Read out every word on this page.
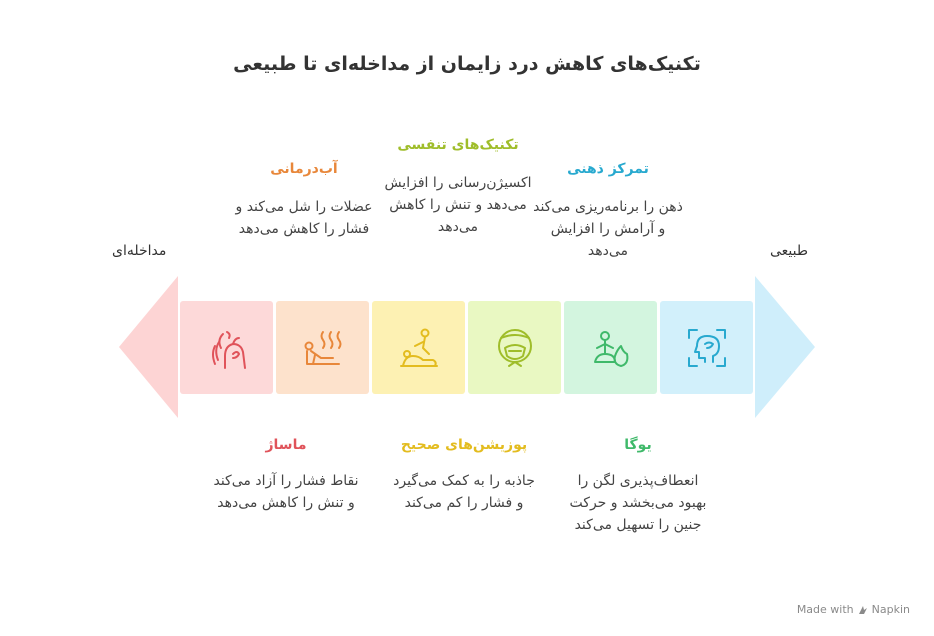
تکنیک‌های کاهش درد زایمان از مداخله‌ای تا طبیعی
مداخله‌ای	طبیعی
تکنیک‌های تنفسی
اکسیژن‌رسانی را افزایش می‌دهد و تنش را کاهش می‌دهد
آب‌درمانی
عضلات را شل می‌کند و فشار را کاهش می‌دهد
تمرکز ذهنی
ذهن را برنامه‌ریزی می‌کند و آرامش را افزایش می‌دهد
ماساژ
نقاط فشار را آزاد می‌کند و تنش را کاهش می‌دهد
پوزیشن‌های صحیح
جاذبه را به کمک می‌گیرد و فشار را کم می‌کند
یوگا
انعطاف‌پذیری لگن را بهبود می‌بخشد و حرکت جنین را تسهیل می‌کند
Made with Napkin
